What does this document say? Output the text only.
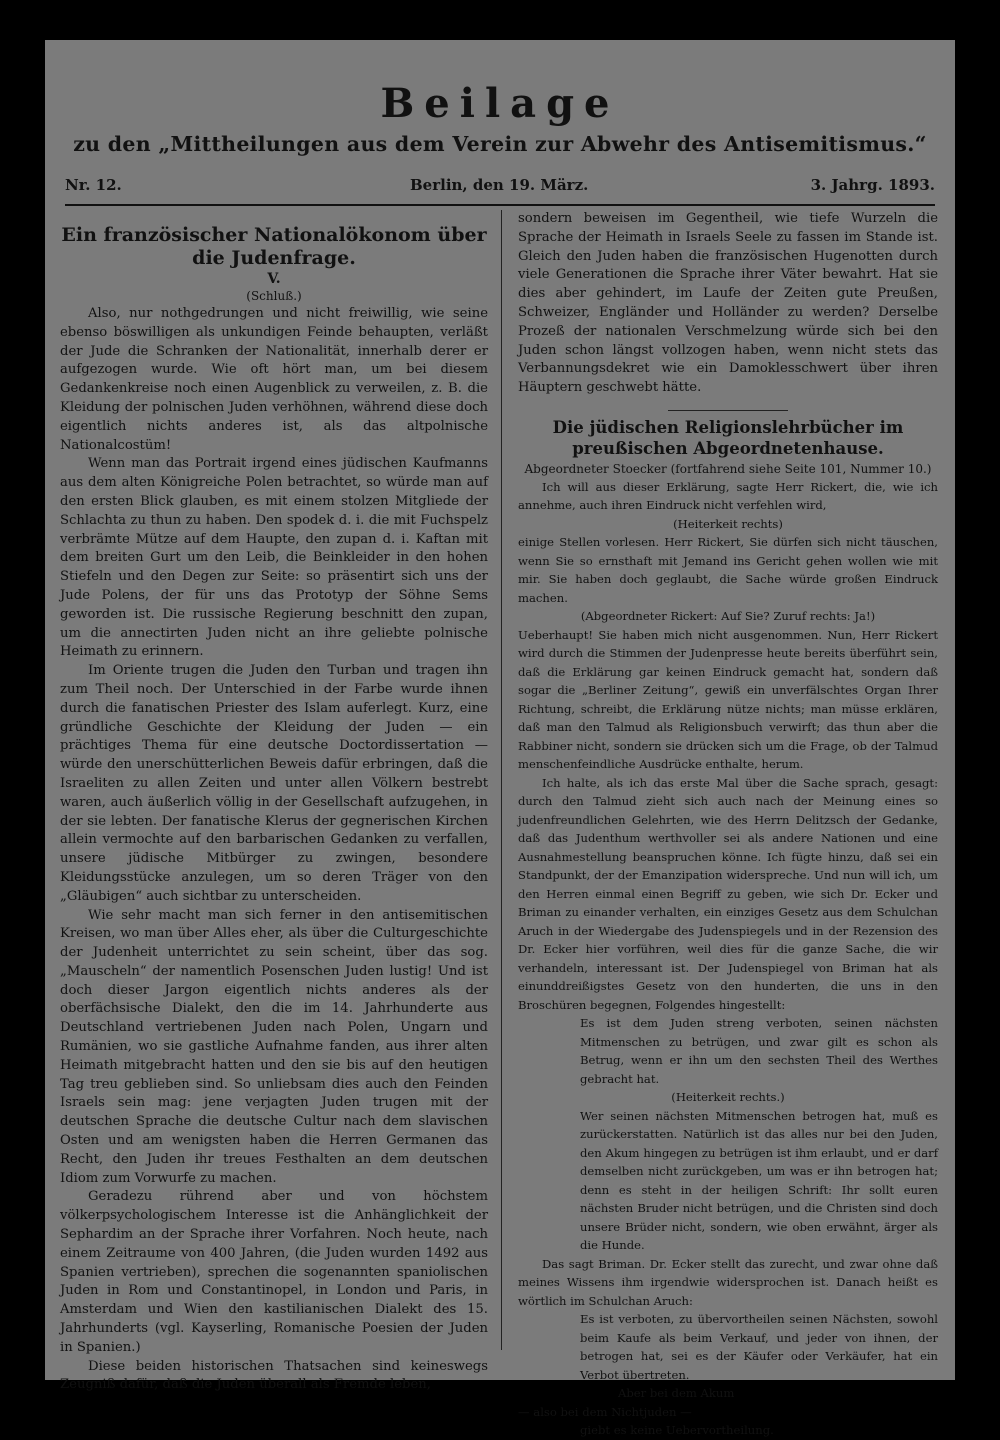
Beilage
zu den „Mittheilungen aus dem Verein zur Abwehr des Antisemitismus.“
Nr. 12.	Berlin, den 19. März.	3. Jahrg. 1893.
Ein französischer Nationalökonom über die Judenfrage.
V.
(Schluß.)

Also, nur nothgedrungen und nicht freiwillig, wie seine ebenso böswilligen als unkundigen Feinde behaupten, verläßt der Jude die Schranken der Nationalität, innerhalb derer er aufgezogen wurde. Wie oft hört man, um bei diesem Gedankenkreise noch einen Augenblick zu verweilen, z. B. die Kleidung der polnischen Juden verhöhnen, während diese doch eigentlich nichts anderes ist, als das altpolnische Nationalcostüm!

Wenn man das Portrait irgend eines jüdischen Kaufmanns aus dem alten Königreiche Polen betrachtet, so würde man auf den ersten Blick glauben, es mit einem stolzen Mitgliede der Schlachta zu thun zu haben. Den spodek d. i. die mit Fuchspelz verbrämte Mütze auf dem Haupte, den zupan d. i. Kaftan mit dem breiten Gurt um den Leib, die Beinkleider in den hohen Stiefeln und den Degen zur Seite: so präsentirt sich uns der Jude Polens, der für uns das Prototyp der Söhne Sems geworden ist. Die russische Regierung beschnitt den zupan, um die annectirten Juden nicht an ihre geliebte polnische Heimath zu erinnern.

Im Oriente trugen die Juden den Turban und tragen ihn zum Theil noch. Der Unterschied in der Farbe wurde ihnen durch die fanatischen Priester des Islam auferlegt. Kurz, eine gründliche Geschichte der Kleidung der Juden — ein prächtiges Thema für eine deutsche Doctordissertation — würde den unerschütterlichen Beweis dafür erbringen, daß die Israeliten zu allen Zeiten und unter allen Völkern bestrebt waren, auch äußerlich völlig in der Gesellschaft aufzugehen, in der sie lebten. Der fanatische Klerus der gegnerischen Kirchen allein vermochte auf den barbarischen Gedanken zu verfallen, unsere jüdische Mitbürger zu zwingen, besondere Kleidungsstücke anzulegen, um so deren Träger von den „Gläubigen“ auch sichtbar zu unterscheiden.

Wie sehr macht man sich ferner in den antisemitischen Kreisen, wo man über Alles eher, als über die Culturgeschichte der Judenheit unterrichtet zu sein scheint, über das sog. „Mauscheln“ der namentlich Posenschen Juden lustig! Und ist doch dieser Jargon eigentlich nichts anderes als der oberfächsische Dialekt, den die im 14. Jahrhunderte aus Deutschland vertriebenen Juden nach Polen, Ungarn und Rumänien, wo sie gastliche Aufnahme fanden, aus ihrer alten Heimath mitgebracht hatten und den sie bis auf den heutigen Tag treu geblieben sind. So unliebsam dies auch den Feinden Israels sein mag: jene verjagten Juden trugen mit der deutschen Sprache die deutsche Cultur nach dem slavischen Osten und am wenigsten haben die Herren Germanen das Recht, den Juden ihr treues Festhalten an dem deutschen Idiom zum Vorwurfe zu machen.

Geradezu rührend aber und von höchstem völkerpsychologischem Interesse ist die Anhänglichkeit der Sephardim an der Sprache ihrer Vorfahren. Noch heute, nach einem Zeitraume von 400 Jahren, (die Juden wurden 1492 aus Spanien vertrieben), sprechen die sogenannten spaniolischen Juden in Rom und Constantinopel, in London und Paris, in Amsterdam und Wien den kastilianischen Dialekt des 15. Jahrhunderts (vgl. Kayserling, Romanische Poesien der Juden in Spanien.)

Diese beiden historischen Thatsachen sind keineswegs Zeugniß dafür, daß die Juden überall als Fremde leben,

sondern beweisen im Gegentheil, wie tiefe Wurzeln die Sprache der Heimath in Israels Seele zu fassen im Stande ist. Gleich den Juden haben die französischen Hugenotten durch viele Generationen die Sprache ihrer Väter bewahrt. Hat sie dies aber gehindert, im Laufe der Zeiten gute Preußen, Schweizer, Engländer und Holländer zu werden? Derselbe Prozeß der nationalen Verschmelzung würde sich bei den Juden schon längst vollzogen haben, wenn nicht stets das Verbannungsdekret wie ein Damoklesschwert über ihren Häuptern geschwebt hätte.

Die jüdischen Religionslehrbücher im preußischen Abgeordnetenhause.
Abgeordneter Stoecker (fortfahrend siehe Seite 101, Nummer 10.)

Ich will aus dieser Erklärung, sagte Herr Rickert, die, wie ich annehme, auch ihren Eindruck nicht verfehlen wird,

(Heiterkeit rechts)

einige Stellen vorlesen. Herr Rickert, Sie dürfen sich nicht täuschen, wenn Sie so ernsthaft mit Jemand ins Gericht gehen wollen wie mit mir. Sie haben doch geglaubt, die Sache würde großen Eindruck machen.

(Abgeordneter Rickert: Auf Sie? Zuruf rechts: Ja!)

Ueberhaupt! Sie haben mich nicht ausgenommen. Nun, Herr Rickert wird durch die Stimmen der Judenpresse heute bereits überführt sein, daß die Erklärung gar keinen Eindruck gemacht hat, sondern daß sogar die „Berliner Zeitung“, gewiß ein unverfälschtes Organ Ihrer Richtung, schreibt, die Erklärung nütze nichts; man müsse erklären, daß man den Talmud als Religionsbuch verwirft; das thun aber die Rabbiner nicht, sondern sie drücken sich um die Frage, ob der Talmud menschenfeindliche Ausdrücke enthalte, herum.

Ich halte, als ich das erste Mal über die Sache sprach, gesagt: durch den Talmud zieht sich auch nach der Meinung eines so judenfreundlichen Gelehrten, wie des Herrn Delitzsch der Gedanke, daß das Judenthum werthvoller sei als andere Nationen und eine Ausnahmestellung beanspruchen könne. Ich fügte hinzu, daß sei ein Standpunkt, der der Emanzipation widerspreche. Und nun will ich, um den Herren einmal einen Begriff zu geben, wie sich Dr. Ecker und Briman zu einander verhalten, ein einziges Gesetz aus dem Schulchan Aruch in der Wiedergabe des Judenspiegels und in der Rezension des Dr. Ecker hier vorführen, weil dies für die ganze Sache, die wir verhandeln, interessant ist. Der Judenspiegel von Briman hat als einunddreißigstes Gesetz von den hunderten, die uns in den Broschüren begegnen, Folgendes hingestellt:

Es ist dem Juden streng verboten, seinen nächsten Mitmenschen zu betrügen, und zwar gilt es schon als Betrug, wenn er ihn um den sechsten Theil des Werthes gebracht hat.

(Heiterkeit rechts.)

Wer seinen nächsten Mitmenschen betrogen hat, muß es zurückerstatten. Natürlich ist das alles nur bei den Juden, den Akum hingegen zu betrügen ist ihm erlaubt, und er darf demselben nicht zurückgeben, um was er ihn betrogen hat; denn es steht in der heiligen Schrift: Ihr sollt euren nächsten Bruder nicht betrügen, und die Christen sind doch unsere Brüder nicht, sondern, wie oben erwähnt, ärger als die Hunde.

Das sagt Briman. Dr. Ecker stellt das zurecht, und zwar ohne daß meines Wissens ihm irgendwie widersprochen ist. Danach heißt es wörtlich im Schulchan Aruch:

Es ist verboten, zu übervortheilen seinen Nächsten, sowohl beim Kaufe als beim Verkauf, und jeder von ihnen, der betrogen hat, sei es der Käufer oder Verkäufer, hat ein Verbot übertreten.

Aber bei dem Akum

— also bei dem Nichtjuden —

giebt es keine Uebervortheilung.
